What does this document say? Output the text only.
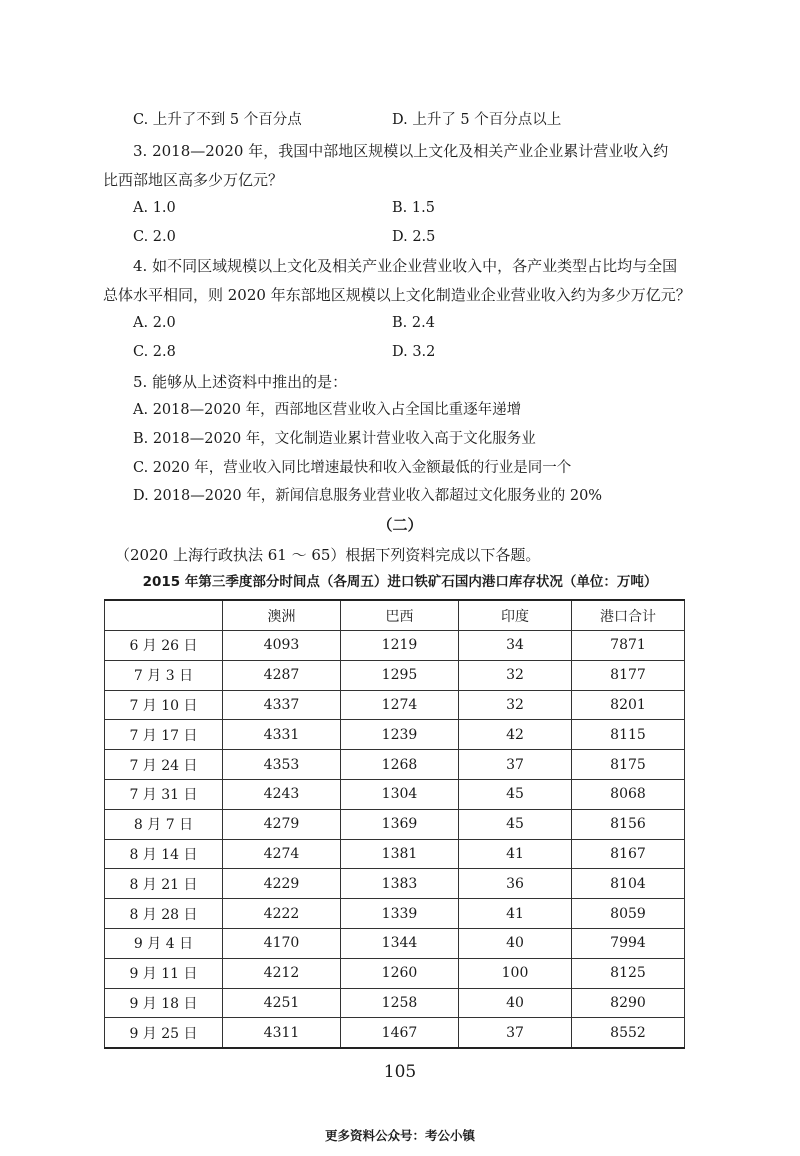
C. 上升了不到 5 个百分点	D. 上升了 5 个百分点以上
3. 2018—2020 年，我国中部地区规模以上文化及相关产业企业累计营业收入约
比西部地区高多少万亿元？
A. 1.0	B. 1.5
C. 2.0	D. 2.5
4. 如不同区域规模以上文化及相关产业企业营业收入中，各产业类型占比均与全国
总体水平相同，则 2020 年东部地区规模以上文化制造业企业营业收入约为多少万亿元？
A. 2.0	B. 2.4
C. 2.8	D. 3.2
5. 能够从上述资料中推出的是：
A. 2018—2020 年，西部地区营业收入占全国比重逐年递增
B. 2018—2020 年，文化制造业累计营业收入高于文化服务业
C. 2020 年，营业收入同比增速最快和收入金额最低的行业是同一个
D. 2018—2020 年，新闻信息服务业营业收入都超过文化服务业的 20%
（二）
（2020 上海行政执法 61 ～ 65）根据下列资料完成以下各题。
2015 年第三季度部分时间点（各周五）进口铁矿石国内港口库存状况（单位：万吨）
	澳洲	巴西	印度	港口合计
6 月 26 日	4093	1219	34	7871
7 月 3 日	4287	1295	32	8177
7 月 10 日	4337	1274	32	8201
7 月 17 日	4331	1239	42	8115
7 月 24 日	4353	1268	37	8175
7 月 31 日	4243	1304	45	8068
8 月 7 日	4279	1369	45	8156
8 月 14 日	4274	1381	41	8167
8 月 21 日	4229	1383	36	8104
8 月 28 日	4222	1339	41	8059
9 月 4 日	4170	1344	40	7994
9 月 11 日	4212	1260	100	8125
9 月 18 日	4251	1258	40	8290
9 月 25 日	4311	1467	37	8552
105
更多资料公众号：考公小镇
